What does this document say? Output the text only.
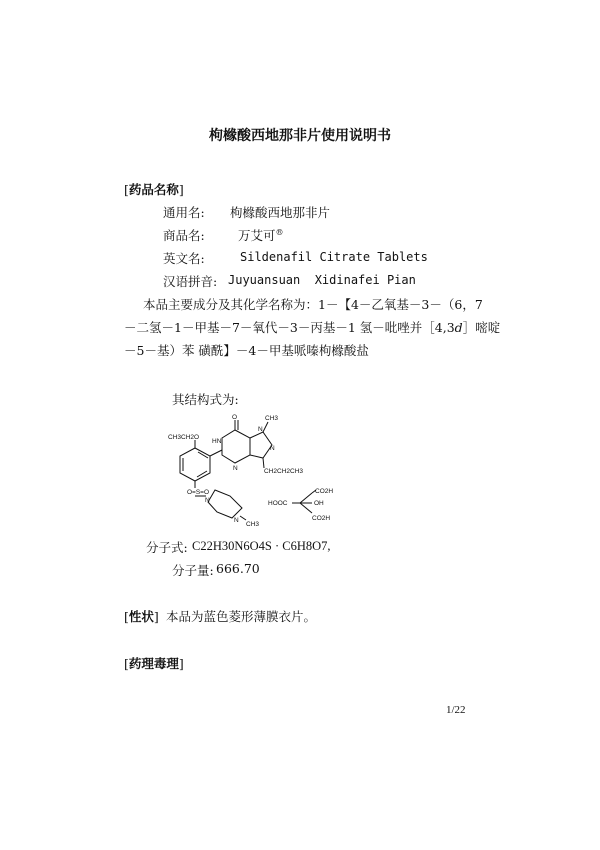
枸橼酸西地那非片使用说明书
[药品名称]
通用名: 枸橼酸西地那非片
商品名:	万艾可®
英文名:	Sildenafil Citrate Tablets
汉语拼音: Juyuansuan  Xidinafei Pian
本品主要成分及其化学名称为：1－【4－乙氧基－3－（6，7
－二氢－1－甲基－7－氧代－3－丙基－1 氢－吡唑并［4,3d］嘧啶
－5－基）苯 磺酰】－4－甲基哌嗪枸橼酸盐
其结构式为:
O	CH3
CH3CH2O
HN
N
N
N
CH2CH2CH3
O=S=O
N
N
CH3
HOOC
CO2H
OH
CO2H
分子式: C22H30N6O4S · C6H8O7,
分子量: 666.70
[性状] 本品为蓝色菱形薄膜衣片。
[药理毒理]
1/22
